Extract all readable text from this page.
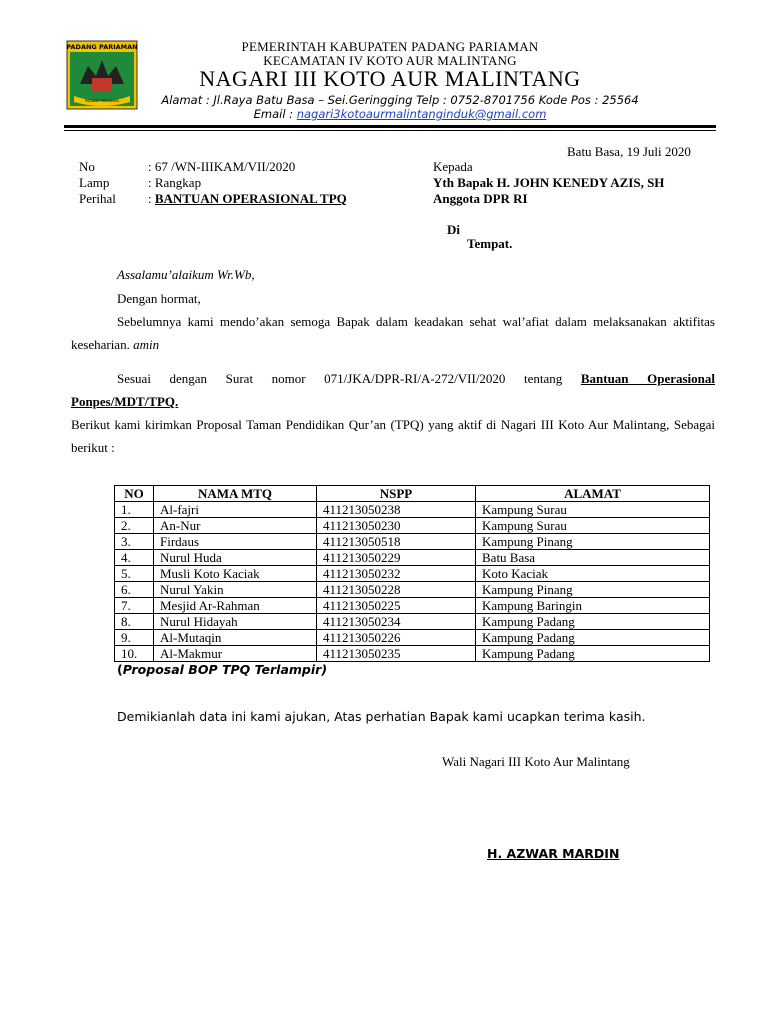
PADANG PARIAMAN
PADANG PARIAMAN
PEMERINTAH KABUPATEN PADANG PARIAMAN
KECAMATAN IV KOTO AUR MALINTANG
NAGARI III KOTO AUR MALINTANG
Alamat : Jl.Raya Batu Basa – Sei.Geringging Telp : 0752-8701756 Kode Pos : 25564
Email : nagari3kotoaurmalintanginduk@gmail.com
Batu Basa, 19 Juli 2020
No	: 67 /WN-IIIKAM/VII/2020
Lamp	: Rangkap
Perihal : BANTUAN OPERASIONAL TPQ
Kepada
Yth Bapak H. JOHN KENEDY AZIS, SH
Anggota DPR RI
Di
Tempat.
Assalamu’alaikum Wr.Wb,
Dengan hormat,
Sebelumnya kami mendo’akan semoga Bapak dalam keadakan sehat wal’afiat dalam melaksanakan aktifitas keseharian. amin
Sesuai dengan Surat nomor 071/JKA/DPR-RI/A-272/VII/2020 tentang Bantuan Operasional Ponpes/MDT/TPQ.
Berikut kami kirimkan Proposal Taman Pendidikan Qur’an (TPQ) yang aktif di Nagari III Koto Aur Malintang, Sebagai berikut :
NO	NAMA MTQ	NSPP	ALAMAT
1.	Al-fajri	411213050238	Kampung Surau
2.	An-Nur	411213050230	Kampung Surau
3.	Firdaus	411213050518	Kampung Pinang
4.	Nurul Huda	411213050229	Batu Basa
5.	Musli Koto Kaciak	411213050232	Koto Kaciak
6.	Nurul Yakin	411213050228	Kampung Pinang
7.	Mesjid Ar-Rahman	411213050225	Kampung Baringin
8.	Nurul Hidayah	411213050234	Kampung Padang
9.	Al-Mutaqin	411213050226	Kampung Padang
10.	Al-Makmur	411213050235	Kampung Padang
(Proposal BOP TPQ Terlampir)
Demikianlah data ini kami ajukan, Atas perhatian Bapak kami ucapkan terima kasih.
Wali Nagari III Koto Aur Malintang
H. AZWAR MARDIN
